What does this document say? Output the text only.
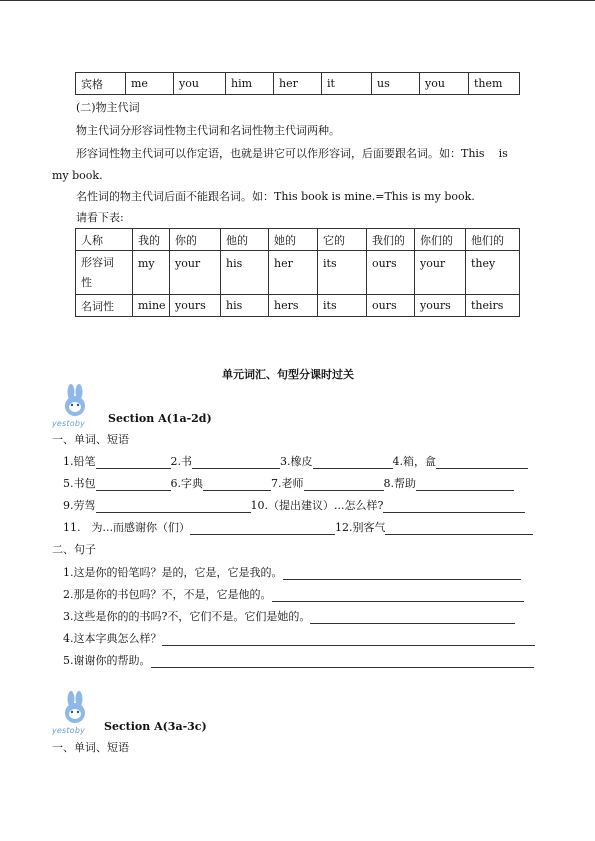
宾格	me	you	him	her	it	us	you	them
(二)物主代词
物主代词分形容词性物主代词和名词性物主代词两种。
形容词性物主代词可以作定语，也就是讲它可以作形容词，后面要跟名词。如：This    is
my book.
名性词的物主代词后面不能跟名词。如：This book is mine.=This is my book.
请看下表:
人称	我的	你的	他的	她的	它的	我们的	你们的	他们的
形容词
性	my	your	his	her	its	ours	your	they
名词性	mine	yours	his	hers	its	ours	yours	theirs
单元词汇、句型分课时过关
yestoby Section A(1a-2d)
一、单词、短语
1.铅笔	2.书	3.橡皮	4.箱，盒
5.书包	6.字典	7.老师	8.帮助
9.劳驾	10.（提出建议）...怎么样?
11.　为...而感谢你（们）	12.别客气
二、句子
1.这是你的铅笔吗？是的，它是，它是我的。
2.那是你的书包吗？不，不是，它是他的。
3.这些是你的的书吗?不，它们不是。它们是她的。
4.这本字典怎么样？
5.谢谢你的帮助。
yestoby Section A(3a-3c)
一、单词、短语
